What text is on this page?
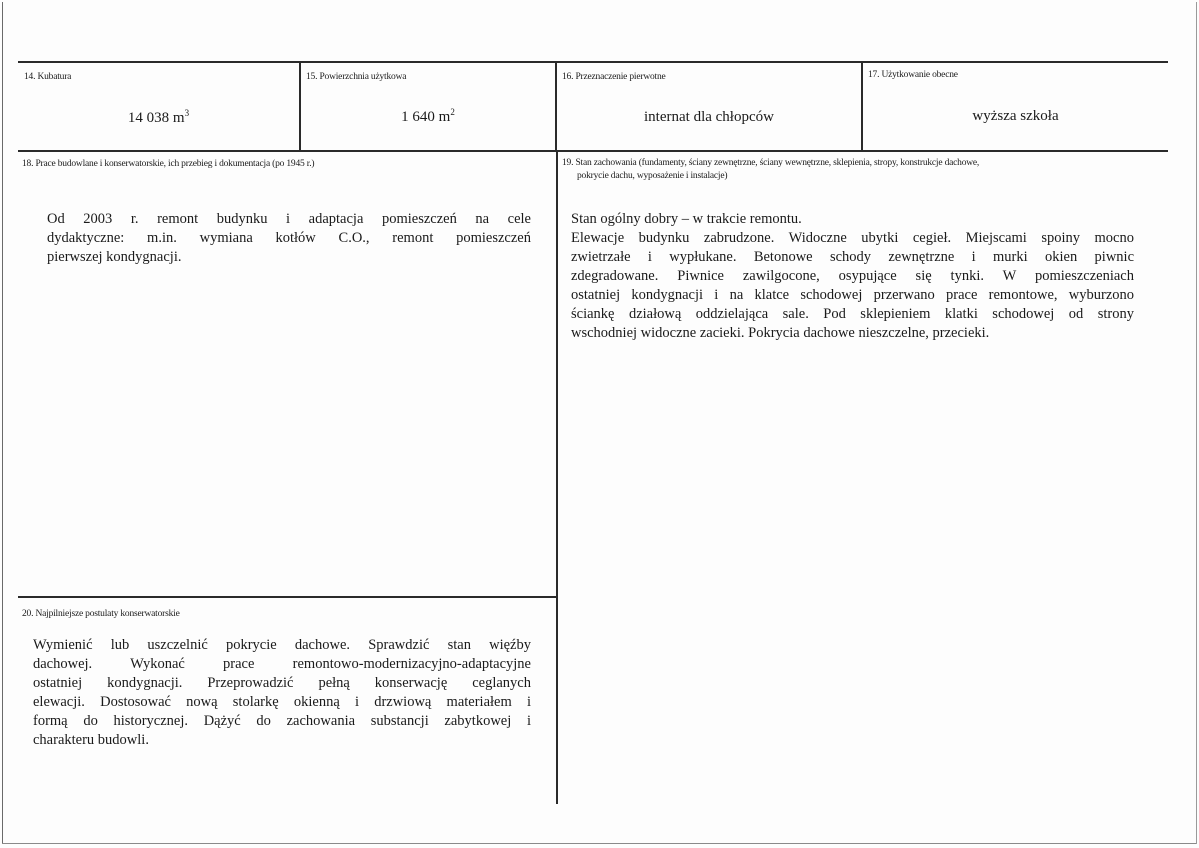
14. Kubatura
14 038 $m^3$
15. Powierzchnia użytkowa
1 640 $m^2$
16. Przeznaczenie pierwotne
internat dla chłopców
17. Użytkowanie obecne
wyższa szkoła
18. Prace budowlane i konserwatorskie, ich przebieg i dokumentacja (po 1945 r.)
Od 2003 r. remont budynku i adaptacja pomieszczeń na cele
dydaktyczne: m.in. wymiana kotłów C.O., remont pomieszczeń
pierwszej kondygnacji.
19. Stan zachowania (fundamenty, ściany zewnętrzne, ściany wewnętrzne, sklepienia, stropy, konstrukcje dachowe,
pokrycie dachu, wyposażenie i instalacje)
Stan ogólny dobry – w trakcie remontu.
Elewacje budynku zabrudzone. Widoczne ubytki cegieł. Miejscami spoiny mocno
zwietrzałe i wypłukane. Betonowe schody zewnętrzne i murki okien piwnic
zdegradowane. Piwnice zawilgocone, osypujące się tynki. W pomieszczeniach
ostatniej kondygnacji i na klatce schodowej przerwano prace remontowe, wyburzono
ściankę działową oddzielająca sale. Pod sklepieniem klatki schodowej od strony
wschodniej widoczne zacieki. Pokrycia dachowe nieszczelne, przecieki.
20. Najpilniejsze postulaty konserwatorskie
Wymienić lub uszczelnić pokrycie dachowe. Sprawdzić stan więźby
dachowej. Wykonać prace remontowo-modernizacyjno-adaptacyjne
ostatniej kondygnacji. Przeprowadzić pełną konserwację ceglanych
elewacji. Dostosować nową stolarkę okienną i drzwiową materiałem i
formą do historycznej. Dążyć do zachowania substancji zabytkowej i
charakteru budowli.
